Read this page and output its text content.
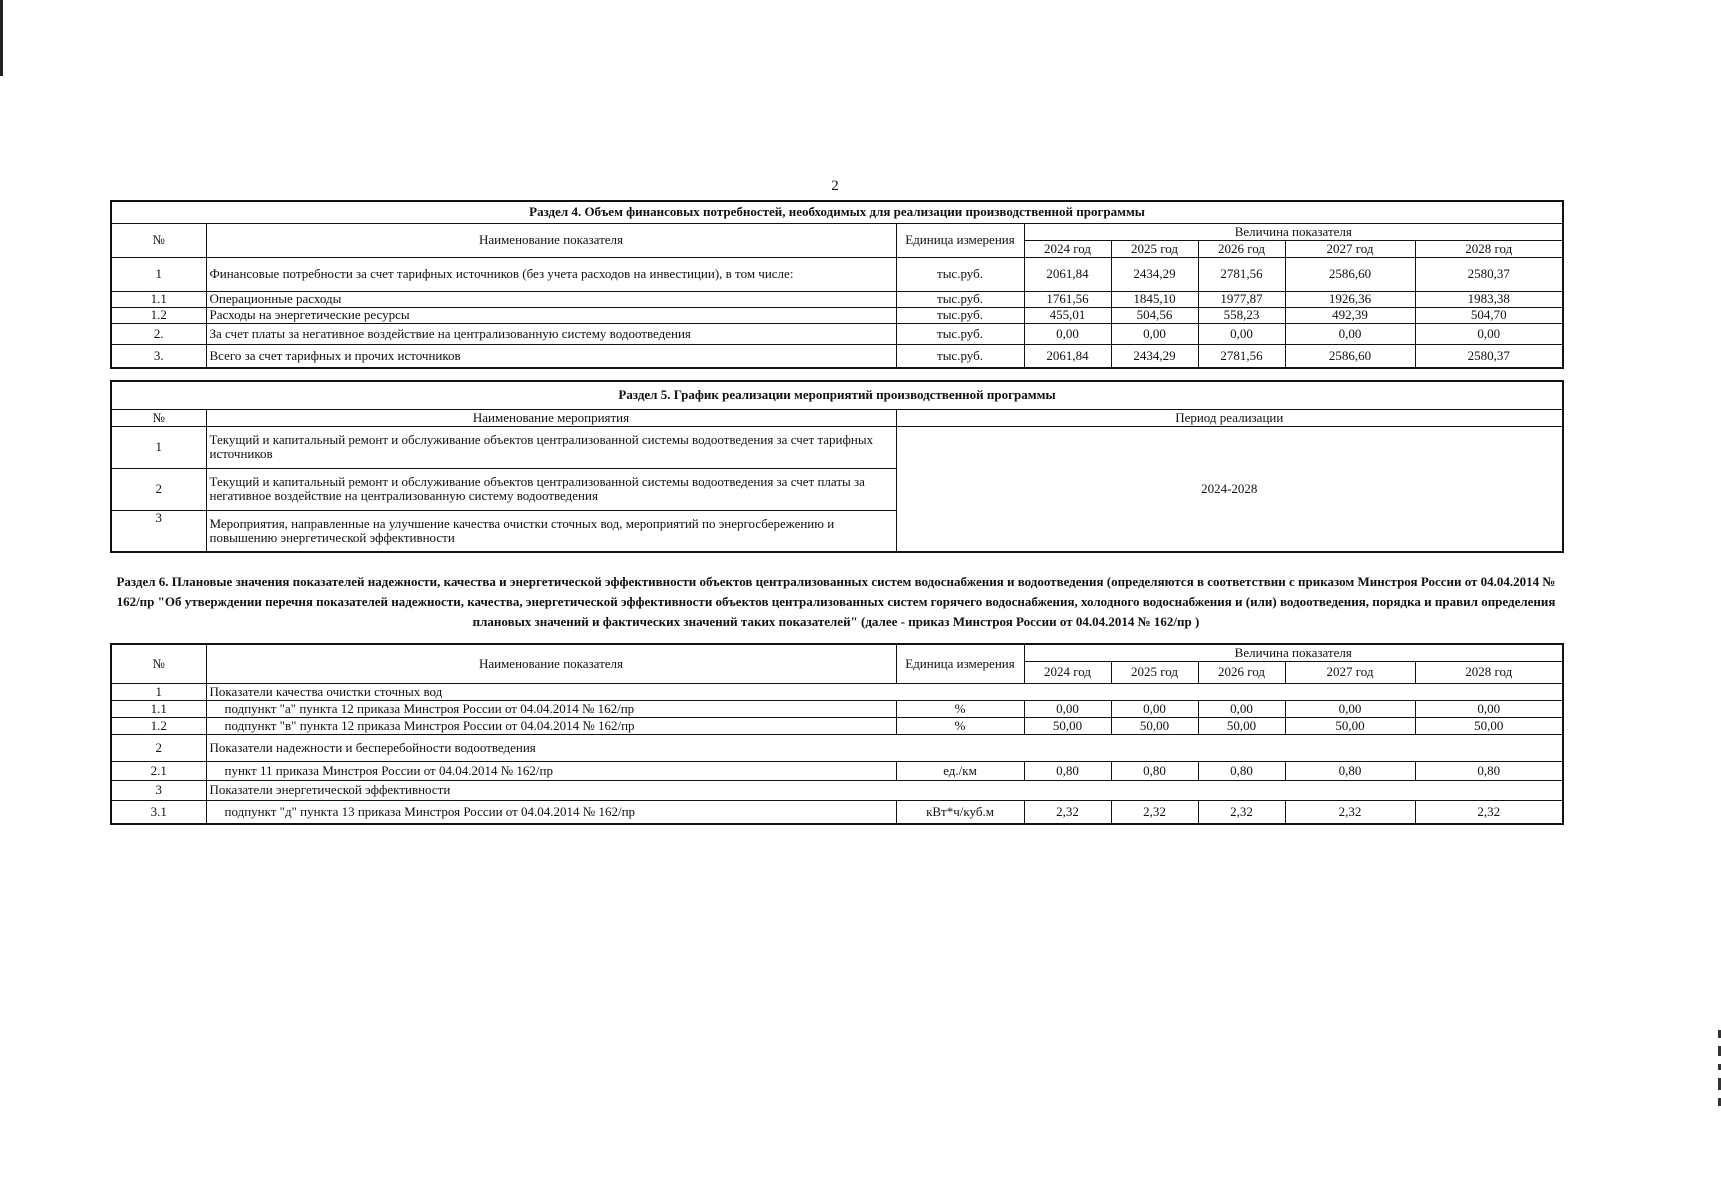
2
Раздел 4. Объем финансовых потребностей, необходимых для реализации производственной программы							
№	Наименование показателя	Единица измерения	Величина показателя				
			2024 год	2025 год	2026 год	2027 год	2028 год
1	Финансовые потребности за счет тарифных источников (без учета расходов на инвестиции), в том числе:	тыс.руб.	2061,84	2434,29	2781,56	2586,60	2580,37
1.1	Операционные расходы	тыс.руб.	1761,56	1845,10	1977,87	1926,36	1983,38
1.2	Расходы на энергетические ресурсы	тыс.руб.	455,01	504,56	558,23	492,39	504,70
2.	За счет платы за негативное воздействие на централизованную систему водоотведения	тыс.руб.	0,00	0,00	0,00	0,00	0,00
3.	Всего за счет тарифных и прочих источников	тыс.руб.	2061,84	2434,29	2781,56	2586,60	2580,37
Раздел 5. График реализации мероприятий производственной программы		
№	Наименование мероприятия	Период реализации
1	Текущий и капитальный ремонт и обслуживание объектов централизованной системы водоотведения за счет тарифных источников	2024-2028
2	Текущий и капитальный ремонт и обслуживание объектов централизованной системы водоотведения за счет платы за негативное воздействие на централизованную систему водоотведения	
3	Мероприятия, направленные на улучшение качества очистки сточных вод, мероприятий по энергосбережению и повышению энергетической эффективности	
Раздел 6. Плановые значения показателей надежности, качества и энергетической эффективности объектов централизованных систем водоснабжения и водоотведения (определяются в соответствии с приказом Минстроя России от 04.04.2014 № 162/пр "Об утверждении перечня показателей надежности, качества, энергетической эффективности объектов централизованных систем горячего водоснабжения, холодного водоснабжения и (или) водоотведения, порядка и правил определения плановых значений и фактических значений таких показателей" (далее - приказ Минстроя России от 04.04.2014 № 162/пр )
№	Наименование показателя	Единица измерения	Величина показателя				
			2024 год	2025 год	2026 год	2027 год	2028 год
1	Показатели качества очистки сточных вод						
1.1	подпункт "а" пункта 12 приказа Минстроя России от 04.04.2014 № 162/пр	%	0,00	0,00	0,00	0,00	0,00
1.2	подпункт "в" пункта 12 приказа Минстроя России от 04.04.2014 № 162/пр	%	50,00	50,00	50,00	50,00	50,00
2	Показатели надежности и бесперебойности водоотведения						
2.1	пункт 11 приказа Минстроя России от 04.04.2014 № 162/пр	ед./км	0,80	0,80	0,80	0,80	0,80
3	Показатели энергетической эффективности						
3.1	подпункт "д" пункта 13 приказа Минстроя России от 04.04.2014 № 162/пр	кВт*ч/куб.м	2,32	2,32	2,32	2,32	2,32
